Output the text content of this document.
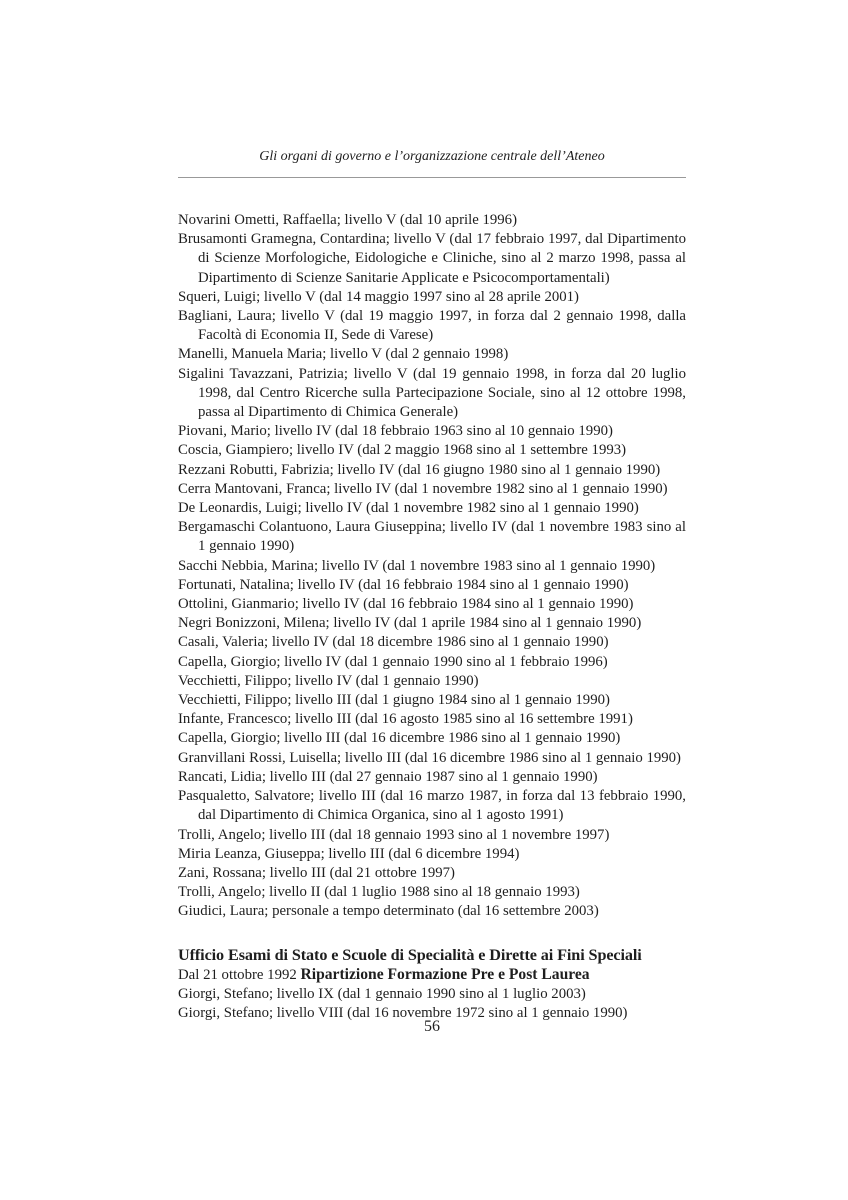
Gli organi di governo e l’organizzazione centrale dell’Ateneo

Novarini Ometti, Raffaella; livello V (dal 10 aprile 1996)

Brusamonti Gramegna, Contardina; livello V (dal 17 febbraio 1997, dal Dipartimento di Scienze Morfologiche, Eidologiche e Cliniche, sino al 2 marzo 1998, passa al Dipartimento di Scienze Sanitarie Applicate e Psicocomportamentali)

Squeri, Luigi; livello V (dal 14 maggio 1997 sino al 28 aprile 2001)

Bagliani, Laura; livello V (dal 19 maggio 1997, in forza dal 2 gennaio 1998, dalla Facoltà di Economia II, Sede di Varese)

Manelli, Manuela Maria; livello V (dal 2 gennaio 1998)

Sigalini Tavazzani, Patrizia; livello V (dal 19 gennaio 1998, in forza dal 20 luglio 1998, dal Centro Ricerche sulla Partecipazione Sociale, sino al 12 ottobre 1998, passa al Dipartimento di Chimica Generale)

Piovani, Mario; livello IV (dal 18 febbraio 1963 sino al 10 gennaio 1990)

Coscia, Giampiero; livello IV (dal 2 maggio 1968 sino al 1 settembre 1993)

Rezzani Robutti, Fabrizia; livello IV (dal 16 giugno 1980 sino al 1 gennaio 1990)

Cerra Mantovani, Franca; livello IV (dal 1 novembre 1982 sino al 1 gennaio 1990)

De Leonardis, Luigi; livello IV (dal 1 novembre 1982 sino al 1 gennaio 1990)

Bergamaschi Colantuono, Laura Giuseppina; livello IV (dal 1 novembre 1983 sino al 1 gennaio 1990)

Sacchi Nebbia, Marina; livello IV (dal 1 novembre 1983 sino al 1 gennaio 1990)

Fortunati, Natalina; livello IV (dal 16 febbraio 1984 sino al 1 gennaio 1990)

Ottolini, Gianmario; livello IV (dal 16 febbraio 1984 sino al 1 gennaio 1990)

Negri Bonizzoni, Milena; livello IV (dal 1 aprile 1984 sino al 1 gennaio 1990)

Casali, Valeria; livello IV (dal 18 dicembre 1986 sino al 1 gennaio 1990)

Capella, Giorgio; livello IV (dal 1 gennaio 1990 sino al 1 febbraio 1996)

Vecchietti, Filippo; livello IV (dal 1 gennaio 1990)

Vecchietti, Filippo; livello III (dal 1 giugno 1984 sino al 1 gennaio 1990)

Infante, Francesco; livello III (dal 16 agosto 1985 sino al 16 settembre 1991)

Capella, Giorgio; livello III (dal 16 dicembre 1986 sino al 1 gennaio 1990)

Granvillani Rossi, Luisella; livello III (dal 16 dicembre 1986 sino al 1 gennaio 1990)

Rancati, Lidia; livello III (dal 27 gennaio 1987 sino al 1 gennaio 1990)

Pasqualetto, Salvatore; livello III (dal 16 marzo 1987, in forza dal 13 febbraio 1990, dal Dipartimento di Chimica Organica, sino al 1 agosto 1991)

Trolli, Angelo; livello III (dal 18 gennaio 1993 sino al 1 novembre 1997)

Miria Leanza, Giuseppa; livello III (dal 6 dicembre 1994)

Zani, Rossana; livello III (dal 21 ottobre 1997)

Trolli, Angelo; livello II (dal 1 luglio 1988 sino al 18 gennaio 1993)

Giudici, Laura; personale a tempo determinato (dal 16 settembre 2003)

Ufficio Esami di Stato e Scuole di Specialità e Dirette ai Fini Speciali

Dal 21 ottobre 1992 Ripartizione Formazione Pre e Post Laurea

Giorgi, Stefano; livello IX (dal 1 gennaio 1990 sino al 1 luglio 2003)

Giorgi, Stefano; livello VIII (dal 16 novembre 1972 sino al 1 gennaio 1990)

56
